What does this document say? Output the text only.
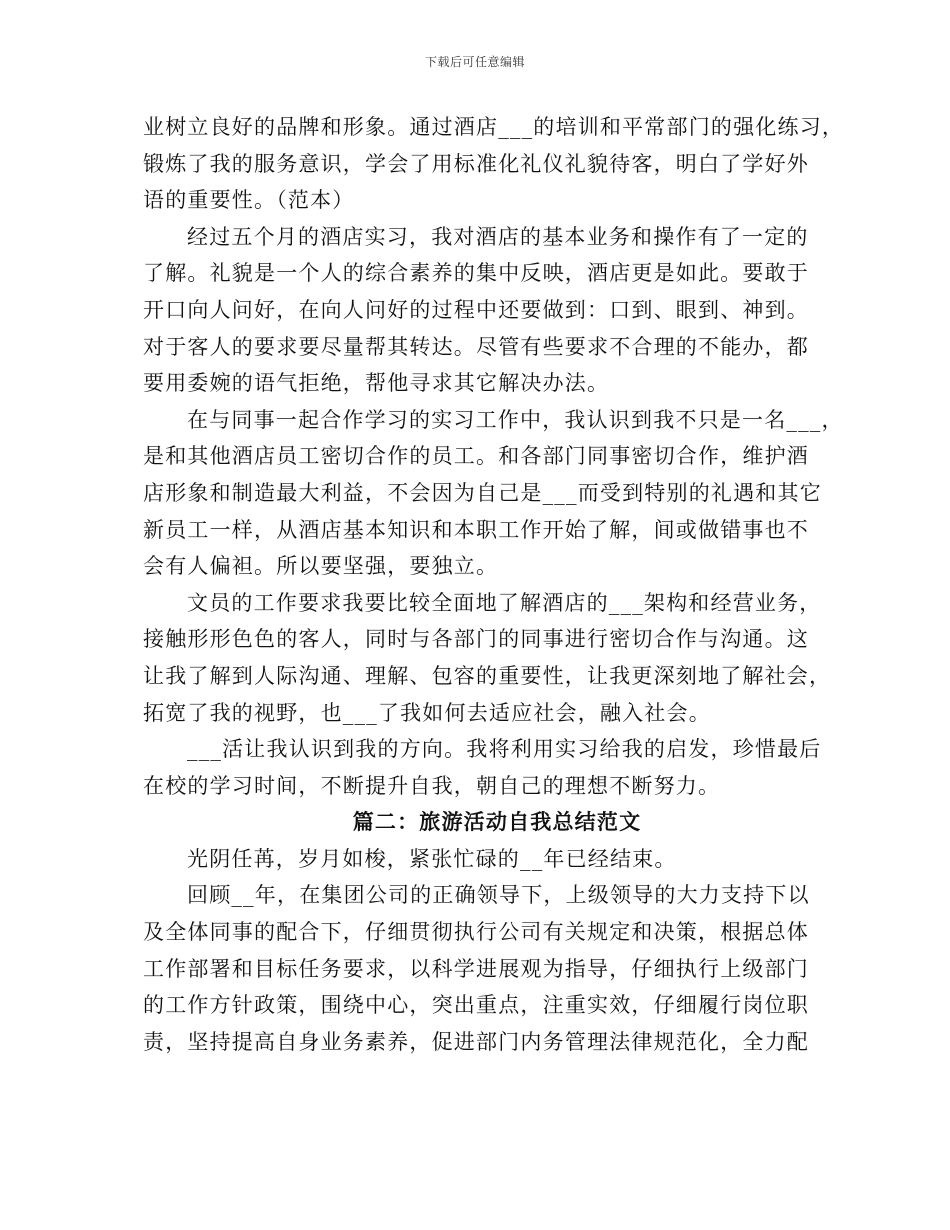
下载后可任意编辑
业树立良好的品牌和形象。通过酒店___的培训和平常部门的强化练习，
锻炼了我的服务意识，学会了用标准化礼仪礼貌待客，明白了学好外
语的重要性。（范本）
经过五个月的酒店实习，我对酒店的基本业务和操作有了一定的
了解。礼貌是一个人的综合素养的集中反映，酒店更是如此。要敢于
开口向人问好，在向人问好的过程中还要做到：口到、眼到、神到。
对于客人的要求要尽量帮其转达。尽管有些要求不合理的不能办，都
要用委婉的语气拒绝，帮他寻求其它解决办法。
在与同事一起合作学习的实习工作中，我认识到我不只是一名___，
是和其他酒店员工密切合作的员工。和各部门同事密切合作，维护酒
店形象和制造最大利益，不会因为自己是___而受到特别的礼遇和其它
新员工一样，从酒店基本知识和本职工作开始了解，间或做错事也不
会有人偏袒。所以要坚强，要独立。
文员的工作要求我要比较全面地了解酒店的___架构和经营业务，
接触形形色色的客人，同时与各部门的同事进行密切合作与沟通。这
让我了解到人际沟通、理解、包容的重要性，让我更深刻地了解社会，
拓宽了我的视野，也___了我如何去适应社会，融入社会。
___活让我认识到我的方向。我将利用实习给我的启发，珍惜最后
在校的学习时间，不断提升自我，朝自己的理想不断努力。
篇二：旅游活动自我总结范文
光阴任苒，岁月如梭，紧张忙碌的__年已经结束。
回顾__年，在集团公司的正确领导下，上级领导的大力支持下以
及全体同事的配合下，仔细贯彻执行公司有关规定和决策，根据总体
工作部署和目标任务要求，以科学进展观为指导，仔细执行上级部门
的工作方针政策，围绕中心，突出重点，注重实效，仔细履行岗位职
责，坚持提高自身业务素养，促进部门内务管理法律规范化，全力配
